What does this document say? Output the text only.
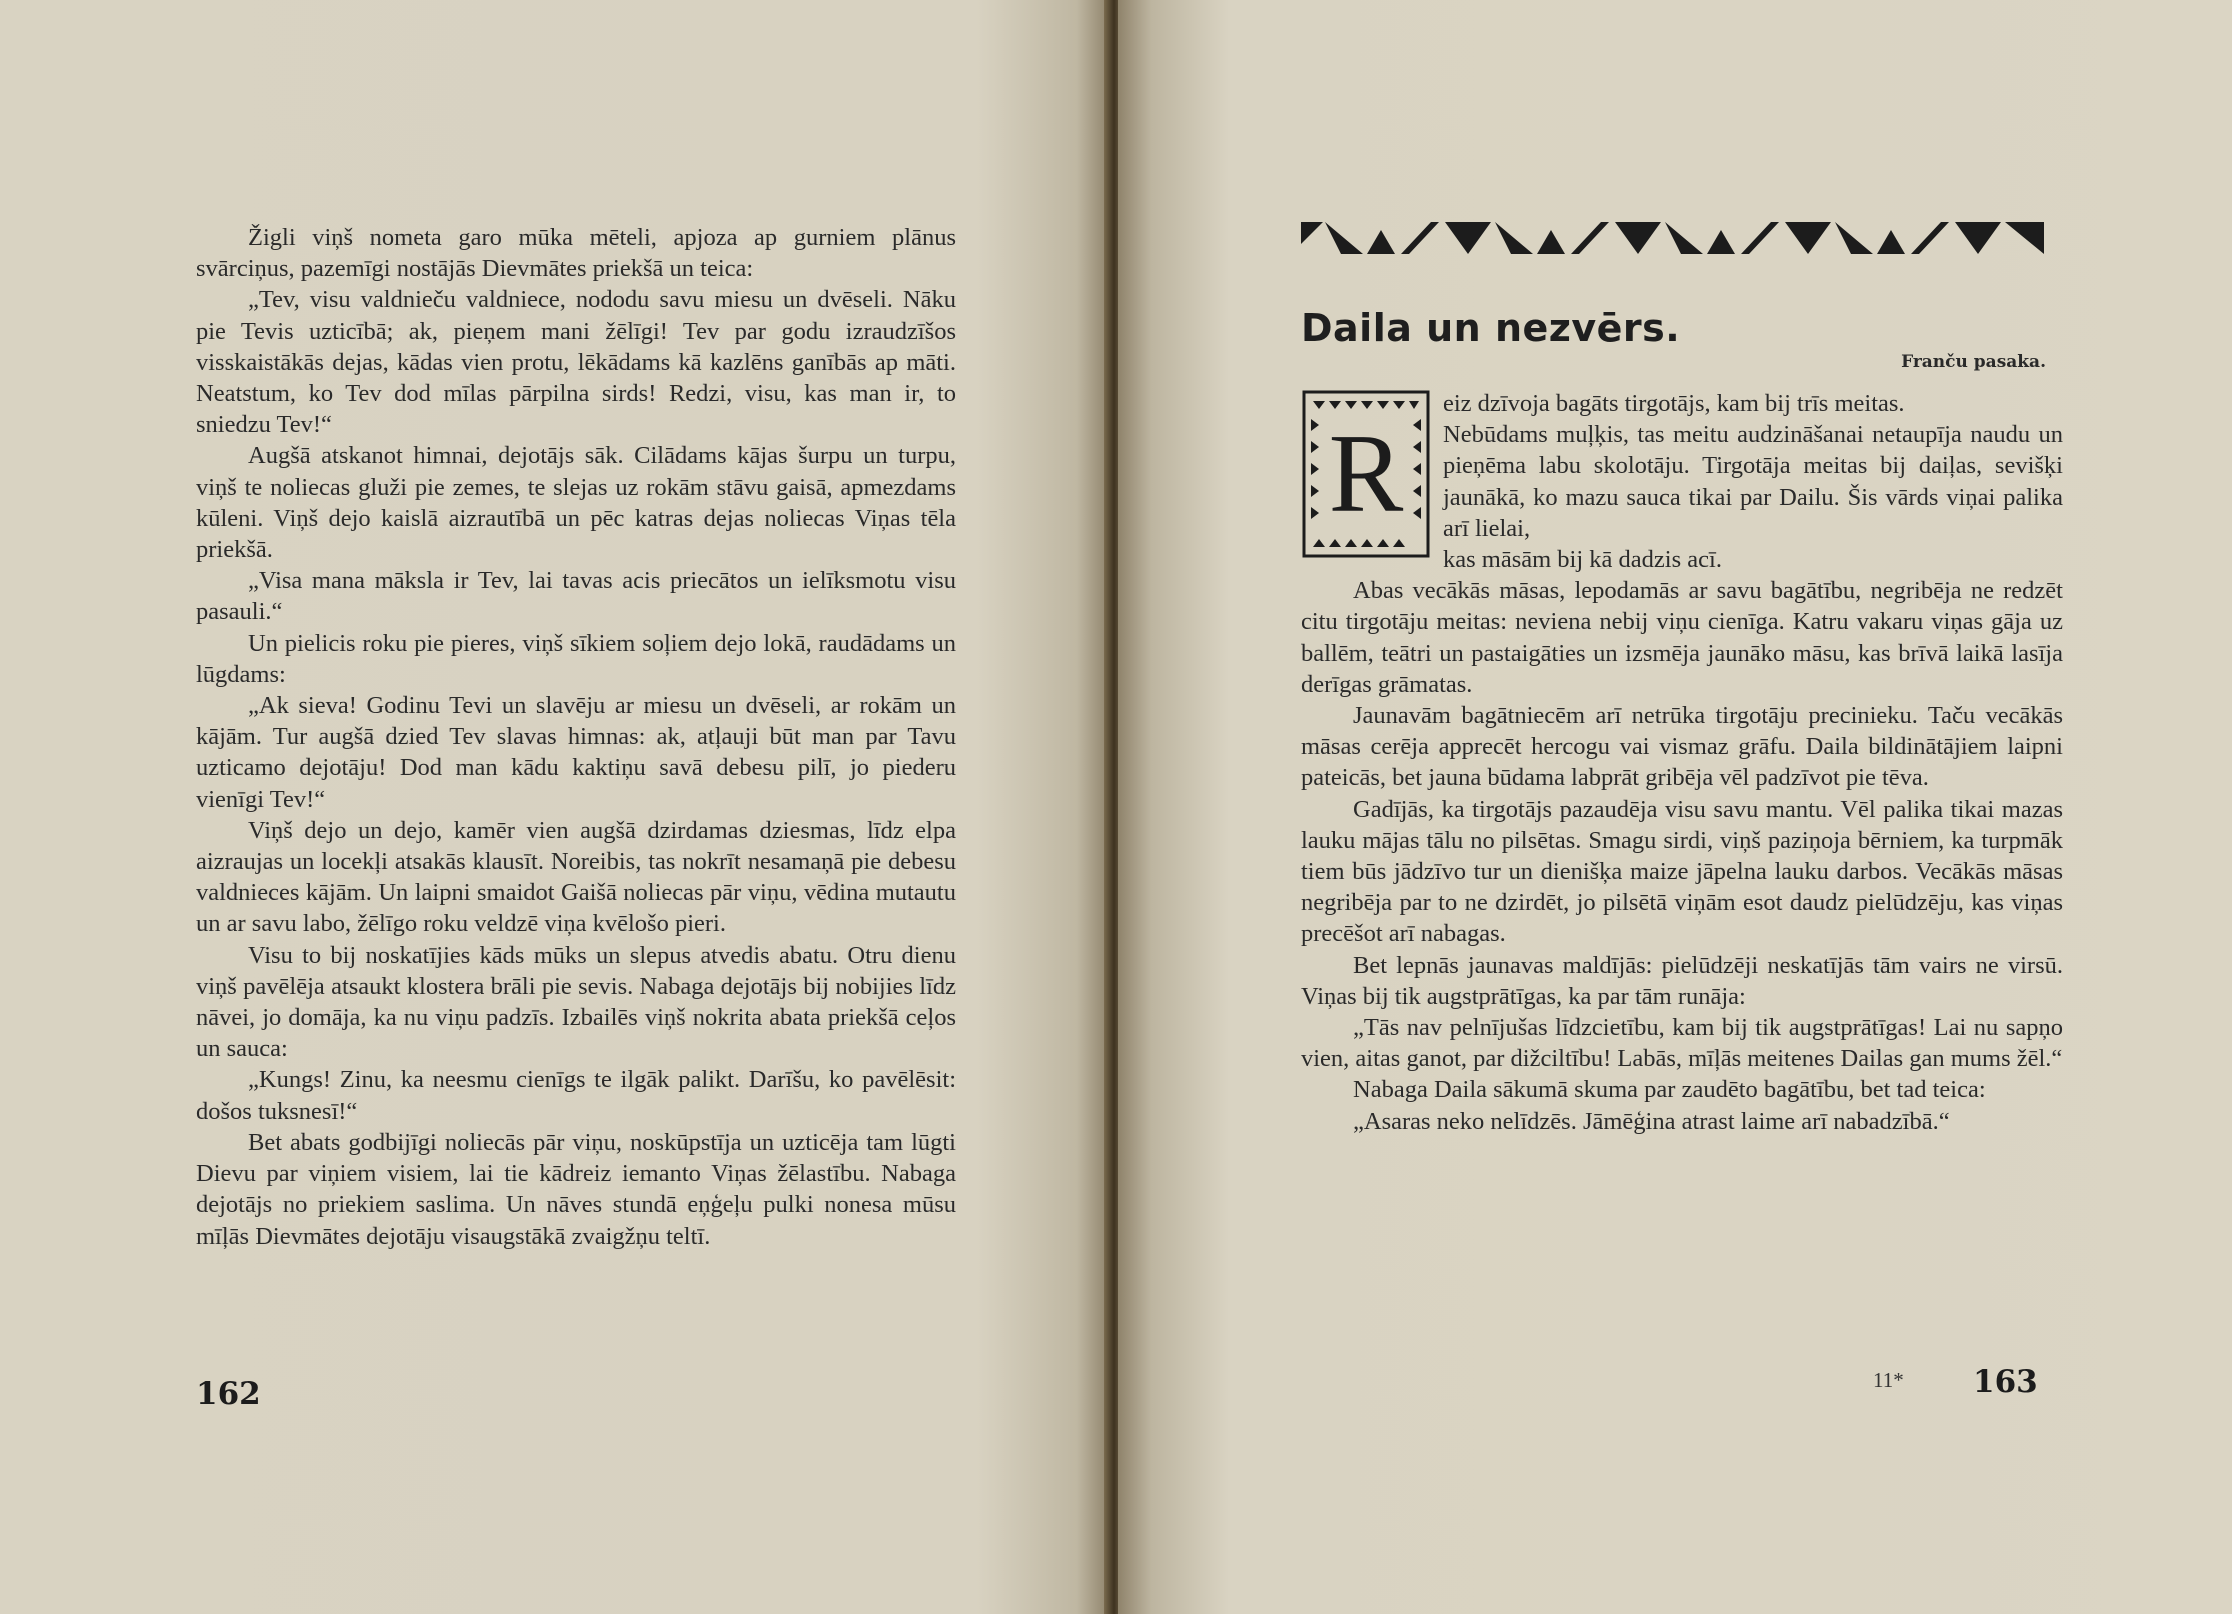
Žigli viņš nometa garo mūka mēteli, apjoza ap gurniem plānus svārciņus, pazemīgi nostājās Dievmātes priekšā un teica:

„Tev, visu valdnieču valdniece, nododu savu miesu un dvēseli. Nāku pie Tevis uzticībā; ak, pieņem mani žēlīgi! Tev par godu izraudzīšos visskaistākās dejas, kādas vien protu, lēkādams kā kazlēns ganībās ap māti. Neatstum, ko Tev dod mīlas pārpilna sirds! Redzi, visu, kas man ir, to sniedzu Tev!“

Augšā atskanot himnai, dejotājs sāk. Cilādams kājas šurpu un turpu, viņš te noliecas gluži pie zemes, te slejas uz rokām stāvu gaisā, apmezdams kūleni. Viņš dejo kaislā aizrautībā un pēc katras dejas noliecas Viņas tēla priekšā.

„Visa mana māksla ir Tev, lai tavas acis priecātos un ielīksmotu visu pasauli.“

Un pielicis roku pie pieres, viņš sīkiem soļiem dejo lokā, raudādams un lūgdams:

„Ak sieva! Godinu Tevi un slavēju ar miesu un dvēseli, ar rokām un kājām. Tur augšā dzied Tev slavas himnas: ak, atļauji būt man par Tavu uzticamo dejotāju! Dod man kādu kaktiņu savā debesu pilī, jo piederu vienīgi Tev!“

Viņš dejo un dejo, kamēr vien augšā dzirdamas dziesmas, līdz elpa aizraujas un locekļi atsakās klausīt. Noreibis, tas nokrīt nesamaņā pie debesu valdnieces kājām. Un laipni smaidot Gaišā noliecas pār viņu, vēdina mutautu un ar savu labo, žēlīgo roku veldzē viņa kvēlošo pieri.

Visu to bij noskatījies kāds mūks un slepus atvedis abatu. Otru dienu viņš pavēlēja atsaukt klostera brāli pie sevis. Nabaga dejotājs bij nobijies līdz nāvei, jo domāja, ka nu viņu padzīs. Izbailēs viņš nokrita abata priekšā ceļos un sauca:

„Kungs! Zinu, ka neesmu cienīgs te ilgāk palikt. Darīšu, ko pavēlēsit: došos tuksnesī!“

Bet abats godbijīgi noliecās pār viņu, noskūpstīja un uzticēja tam lūgti Dievu par viņiem visiem, lai tie kādreiz iemanto Viņas žēlastību. Nabaga dejotājs no priekiem saslima. Un nāves stundā eņģeļu pulki nonesa mūsu mīļās Dievmātes dejotāju visaugstākā zvaigžņu teltī.

162
Daila un nezvērs.
Franču pasaka.
R

eiz dzīvoja bagāts tirgotājs, kam bij trīs meitas.

Nebūdams muļķis, tas meitu audzināšanai netaupīja naudu un pieņēma labu skolotāju. Tirgotāja meitas bij daiļas, sevišķi jaunākā, ko mazu sauca tikai par Dailu. Šis vārds viņai palika arī lielai,

kas māsām bij kā dadzis acī.

Abas vecākās māsas, lepodamās ar savu bagātību, negribēja ne redzēt citu tirgotāju meitas: neviena nebij viņu cienīga. Katru vakaru viņas gāja uz ballēm, teātri un pastaigāties un izsmēja jaunāko māsu, kas brīvā laikā lasīja derīgas grāmatas.

Jaunavām bagātniecēm arī netrūka tirgotāju precinieku. Taču vecākās māsas cerēja apprecēt hercogu vai vismaz grāfu. Daila bildinātājiem laipni pateicās, bet jauna būdama labprāt gribēja vēl padzīvot pie tēva.

Gadījās, ka tirgotājs pazaudēja visu savu mantu. Vēl palika tikai mazas lauku mājas tālu no pilsētas. Smagu sirdi, viņš paziņoja bērniem, ka turpmāk tiem būs jādzīvo tur un dienišķa maize jāpelna lauku darbos. Vecākās māsas negribēja par to ne dzirdēt, jo pilsētā viņām esot daudz pielūdzēju, kas viņas precēšot arī nabagas.

Bet lepnās jaunavas maldījās: pielūdzēji neskatījās tām vairs ne virsū. Viņas bij tik augstprātīgas, ka par tām runāja:

„Tās nav pelnījušas līdzcietību, kam bij tik augstprātīgas! Lai nu sapņo vien, aitas ganot, par dižciltību! Labās, mīļās meitenes Dailas gan mums žēl.“

Nabaga Daila sākumā skuma par zaudēto bagātību, bet tad teica:

„Asaras neko nelīdzēs. Jāmēģina atrast laime arī nabadzībā.“

11* 163
